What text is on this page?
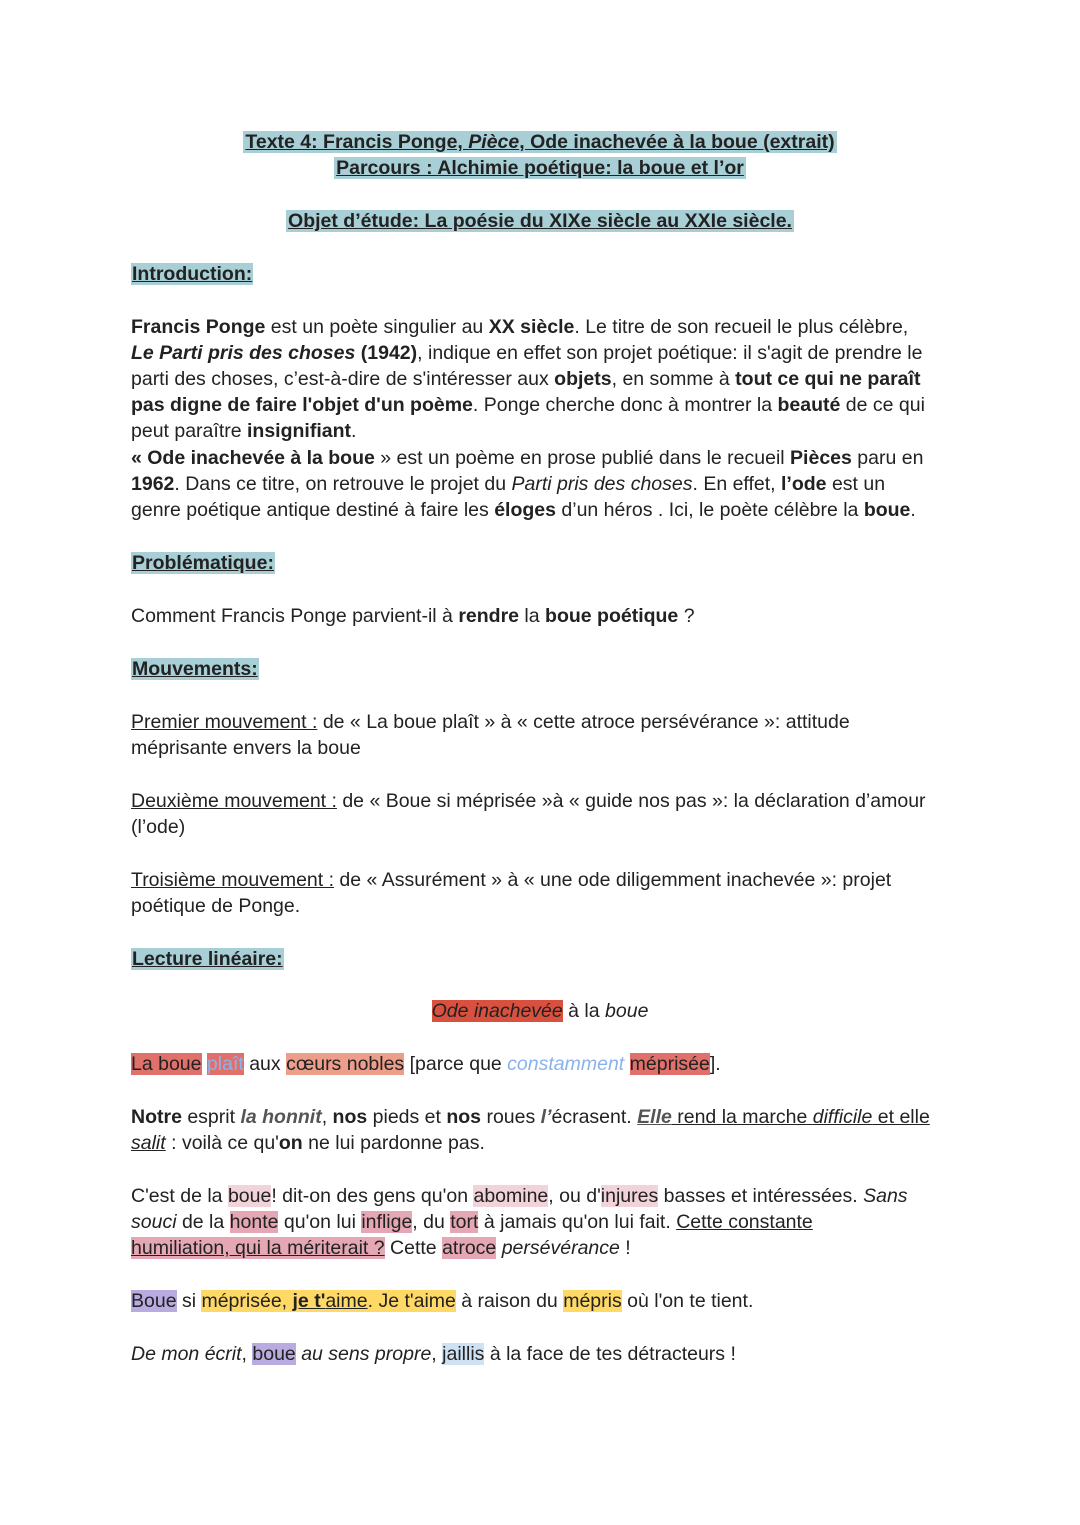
Texte 4: Francis Ponge, Pièce, Ode inachevée à la boue (extrait)
Parcours : Alchimie poétique: la boue et l’or
Objet d’étude: La poésie du XIXe siècle au XXIe siècle.
Introduction:
Francis Ponge est un poète singulier au XX siècle. Le titre de son recueil le plus célèbre,
Le Parti pris des choses (1942), indique en effet son projet poétique: il s'agit de prendre le
parti des choses, c’est-à-dire de s'intéresser aux objets, en somme à tout ce qui ne paraît
pas digne de faire l'objet d'un poème. Ponge cherche donc à montrer la beauté de ce qui
peut paraître insignifiant.
« Ode inachevée à la boue » est un poème en prose publié dans le recueil Pièces paru en
1962. Dans ce titre, on retrouve le projet du Parti pris des choses. En effet, l’ode est un
genre poétique antique destiné à faire les éloges d’un héros . Ici, le poète célèbre la boue.
Problématique:
Comment Francis Ponge parvient-il à rendre la boue poétique ?
Mouvements:
Premier mouvement : de « La boue plaît » à « cette atroce persévérance »: attitude
méprisante envers la boue
Deuxième mouvement : de « Boue si méprisée »à « guide nos pas »: la déclaration d’amour
(l’ode)
Troisième mouvement : de « Assurément » à « une ode diligemment inachevée »: projet
poétique de Ponge.
Lecture linéaire:
Ode inachevée à la boue
La boue plaît aux cœurs nobles [parce que constamment méprisée].
Notre esprit la honnit, nos pieds et nos roues l’écrasent. Elle rend la marche difficile et elle
salit : voilà ce qu'on ne lui pardonne pas.
C'est de la boue! dit-on des gens qu'on abomine, ou d'injures basses et intéressées. Sans
souci de la honte qu'on lui inflige, du tort à jamais qu'on lui fait. Cette constante
humiliation, qui la mériterait ? Cette atroce persévérance !
Boue si méprisée, je t'aime. Je t'aime à raison du mépris où l'on te tient.
De mon écrit, boue au sens propre, jaillis à la face de tes détracteurs !
